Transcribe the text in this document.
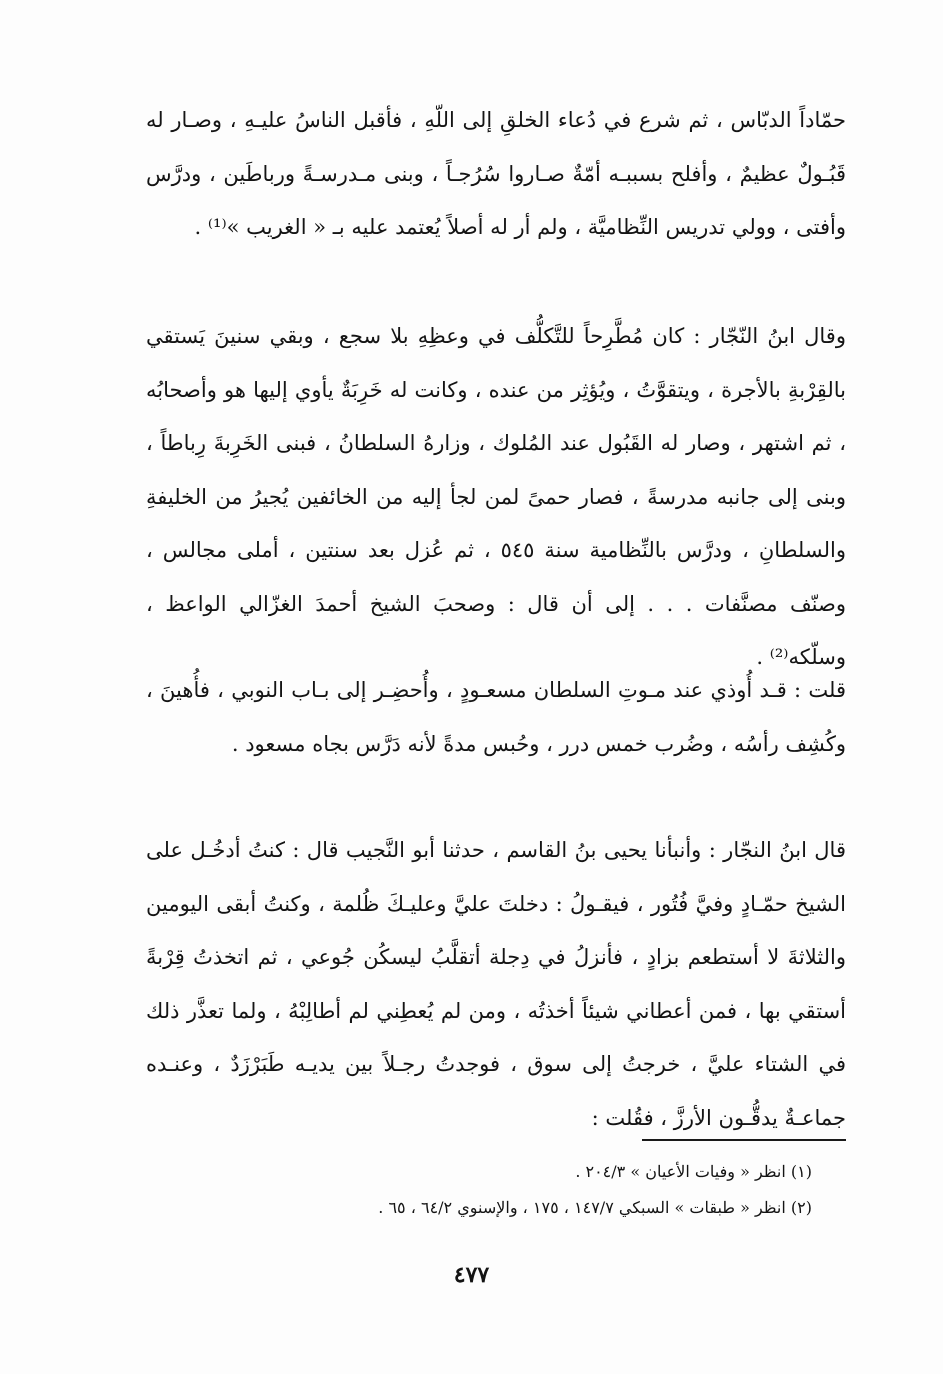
حمّاداً الدبّاس ، ثم شرع في دُعاء الخلقِ إلى اللّهِ ، فأقبل الناسُ عليـهِ ، وصـار له قَبُـولٌ عظيمٌ ، وأفلح بسببـه أمّةٌ صـاروا سُرُجـاً ، وبنى مـدرسـةً ورباطَين ، ودرَّس وأفتى ، وولي تدريس النِّظاميَّة ، ولم أر له أصلاً يُعتمد عليه بـ « الغريب »⁽¹⁾ .

وقال ابنُ النّجّار : كان مُطَّرِحاً للتَّكلُّف في وعظِهِ بلا سجع ، وبقي سنينَ يَستقي بالقِرْبةِ بالأجرة ، ويتقوَّتُ ، ويُؤثِر من عنده ، وكانت له خَرِبَةٌ يأوي إليها هو وأصحابُه ، ثم اشتهر ، وصار له القَبُول عند المُلوك ، وزارهُ السلطانُ ، فبنى الخَرِبةَ رِباطاً ، وبنى إلى جانبه مدرسةً ، فصار حمىً لمن لجأ إليه من الخائفين يُجيرُ من الخليفةِ والسلطانِ ، ودرَّس بالنِّظامية سنة ٥٤٥ ، ثم عُزل بعد سنتين ، أملى مجالس ، وصنّف مصنَّفات . . . إلى أن قال : وصحبَ الشيخ أحمدَ الغزّالي الواعظ ، وسلّكه⁽²⁾ .

قلت : قـد أُوذي عند مـوتِ السلطان مسعـودٍ ، وأُحضِـر إلى بـاب النوبي ، فأُهينَ ، وكُشِف رأسُه ، وضُرب خمس درر ، وحُبس مدةً لأنه دَرَّس بجاه مسعود .

قال ابنُ النجّار : وأنبأنا يحيى بنُ القاسم ، حدثنا أبو النَّجيب قال : كنتُ أدخُـل على الشيخ حمّـادٍ وفيَّ فُتُور ، فيقـولُ : دخلتَ عليَّ وعليـكَ ظُلمة ، وكنتُ أبقى اليومين والثلاثةَ لا أستطعم بزادٍ ، فأنزلُ في دِجلة أتقلَّبُ ليسكُن جُوعي ، ثم اتخذتُ قِرْبةً أستقي بها ، فمن أعطاني شيئاً أخذتُه ، ومن لم يُعطِني لم أطالِبْهُ ، ولما تعذَّر ذلك في الشتاء عليَّ ، خرجتُ إلى سوق ، فوجدتُ رجـلاً بين يديـه طَبَرْزَدٌ ، وعنـده جماعـةٌ يدقُّـون الأرزَّ ، فقُلت :

(١) انظر « وفيات الأعيان » ٢٠٤/٣ .
(٢) انظر « طبقات » السبكي ١٤٧/٧ ، ١٧٥ ، والإسنوي ٦٤/٢ ، ٦٥ .
٤٧٧
